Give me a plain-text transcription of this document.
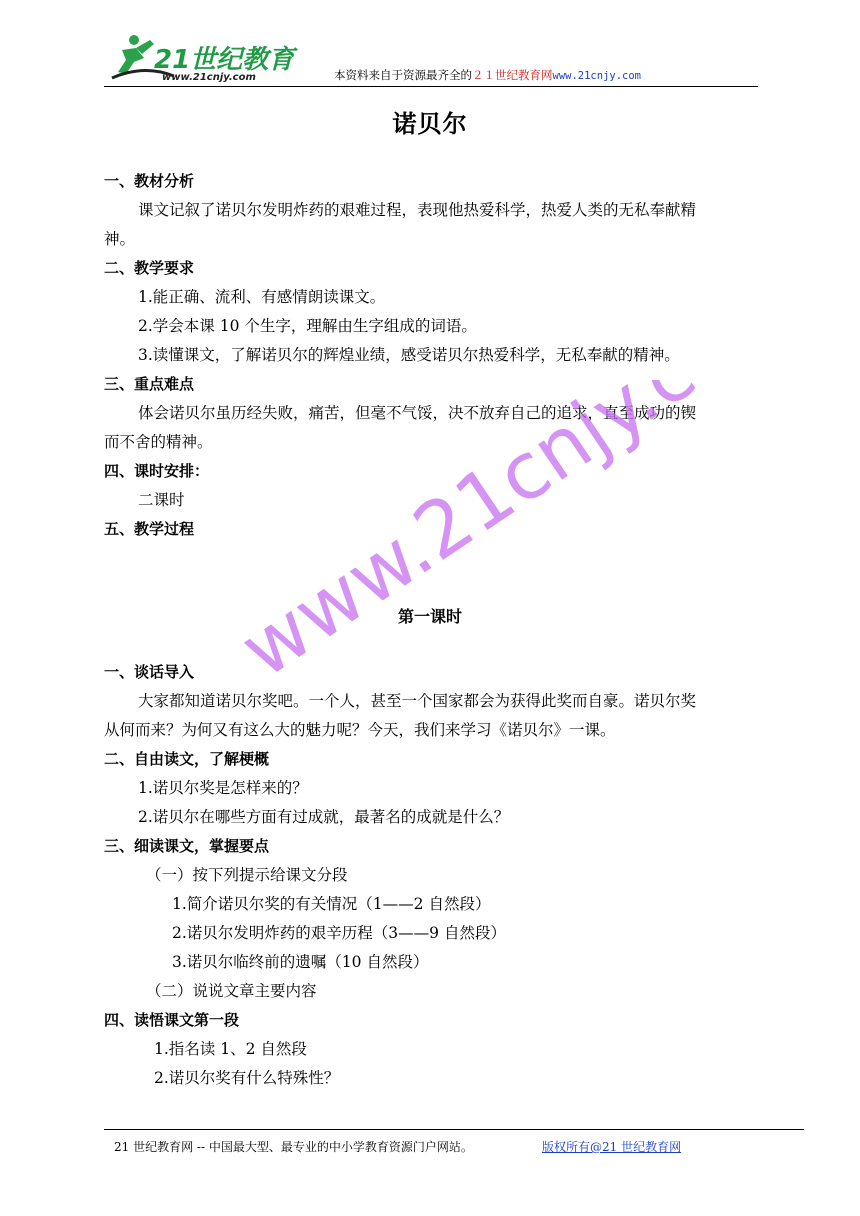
21世纪教育
www.21cnjy.com	本资料来自于资源最齐全的２１世纪教育网www.21cnjy.com
诺贝尔
一、教材分析
课文记叙了诺贝尔发明炸药的艰难过程，表现他热爱科学，热爱人类的无私奉献精
神。
二、教学要求
1.能正确、流利、有感情朗读课文。
2.学会本课 10 个生字，理解由生字组成的词语。
3.读懂课文，了解诺贝尔的辉煌业绩，感受诺贝尔热爱科学，无私奉献的精神。
三、重点难点
体会诺贝尔虽历经失败，痛苦，但毫不气馁，决不放弃自己的追求，直至成功的锲
而不舍的精神。
四、课时安排：
二课时
五、教学过程
第一课时
一、谈话导入
大家都知道诺贝尔奖吧。一个人，甚至一个国家都会为获得此奖而自豪。诺贝尔奖
从何而来？为何又有这么大的魅力呢？今天，我们来学习《诺贝尔》一课。
二、自由读文，了解梗概
1.诺贝尔奖是怎样来的？
2.诺贝尔在哪些方面有过成就，最著名的成就是什么？
三、细读课文，掌握要点
（一）按下列提示给课文分段
1.简介诺贝尔奖的有关情况（1——2 自然段）
2.诺贝尔发明炸药的艰辛历程（3——9 自然段）
3.诺贝尔临终前的遗嘱（10 自然段）
（二）说说文章主要内容
四、读悟课文第一段
1.指名读 1、2 自然段
2.诺贝尔奖有什么特殊性？
www.21cnjy.com
21 世纪教育网 -- 中国最大型、最专业的中小学教育资源门户网站。	版权所有@21 世纪教育网
